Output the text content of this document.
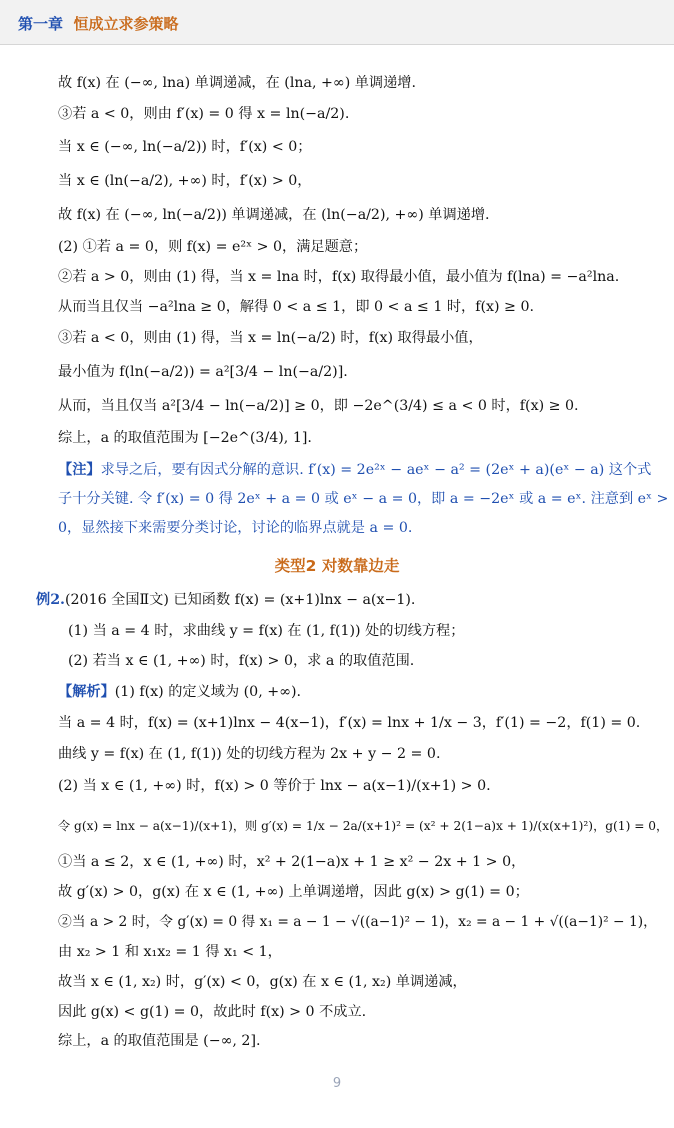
第一章 恒成立求参策略
故 f(x) 在 (−∞, lna) 单调递减，在 (lna, +∞) 单调递增.
③若 a < 0，则由 f′(x) = 0 得 x = ln(−a/2).
当 x ∈ (−∞, ln(−a/2)) 时，f′(x) < 0；
当 x ∈ (ln(−a/2), +∞) 时，f′(x) > 0，
故 f(x) 在 (−∞, ln(−a/2)) 单调递减，在 (ln(−a/2), +∞) 单调递增.
(2) ①若 a = 0，则 f(x) = e²ˣ > 0，满足题意；
②若 a > 0，则由 (1) 得，当 x = lna 时，f(x) 取得最小值，最小值为 f(lna) = −a²lna.
从而当且仅当 −a²lna ≥ 0，解得 0 < a ≤ 1，即 0 < a ≤ 1 时，f(x) ≥ 0.
③若 a < 0，则由 (1) 得，当 x = ln(−a/2) 时，f(x) 取得最小值，
最小值为 f(ln(−a/2)) = a²[3/4 − ln(−a/2)].
从而，当且仅当 a²[3/4 − ln(−a/2)] ≥ 0，即 −2e^(3/4) ≤ a < 0 时，f(x) ≥ 0.
综上，a 的取值范围为 [−2e^(3/4), 1].
【注】求导之后，要有因式分解的意识. f′(x) = 2e²ˣ − aeˣ − a² = (2eˣ + a)(eˣ − a) 这个式
子十分关键. 令 f′(x) = 0 得 2eˣ + a = 0 或 eˣ − a = 0，即 a = −2eˣ 或 a = eˣ. 注意到 eˣ >
0，显然接下来需要分类讨论，讨论的临界点就是 a = 0.
类型2 对数靠边走
例2.(2016 全国Ⅱ文) 已知函数 f(x) = (x+1)lnx − a(x−1).
(1) 当 a = 4 时，求曲线 y = f(x) 在 (1, f(1)) 处的切线方程；
(2) 若当 x ∈ (1, +∞) 时，f(x) > 0，求 a 的取值范围.
【解析】(1) f(x) 的定义域为 (0, +∞).
当 a = 4 时，f(x) = (x+1)lnx − 4(x−1)，f′(x) = lnx + 1/x − 3，f′(1) = −2，f(1) = 0.
曲线 y = f(x) 在 (1, f(1)) 处的切线方程为 2x + y − 2 = 0.
(2) 当 x ∈ (1, +∞) 时，f(x) > 0 等价于 lnx − a(x−1)/(x+1) > 0.
令 g(x) = lnx − a(x−1)/(x+1)，则 g′(x) = 1/x − 2a/(x+1)² = (x² + 2(1−a)x + 1)/(x(x+1)²)，g(1) = 0，
①当 a ≤ 2，x ∈ (1, +∞) 时，x² + 2(1−a)x + 1 ≥ x² − 2x + 1 > 0，
故 g′(x) > 0，g(x) 在 x ∈ (1, +∞) 上单调递增，因此 g(x) > g(1) = 0；
②当 a > 2 时，令 g′(x) = 0 得 x₁ = a − 1 − √((a−1)² − 1)，x₂ = a − 1 + √((a−1)² − 1)，
由 x₂ > 1 和 x₁x₂ = 1 得 x₁ < 1，
故当 x ∈ (1, x₂) 时，g′(x) < 0，g(x) 在 x ∈ (1, x₂) 单调递减，
因此 g(x) < g(1) = 0，故此时 f(x) > 0 不成立.
综上，a 的取值范围是 (−∞, 2].
9
